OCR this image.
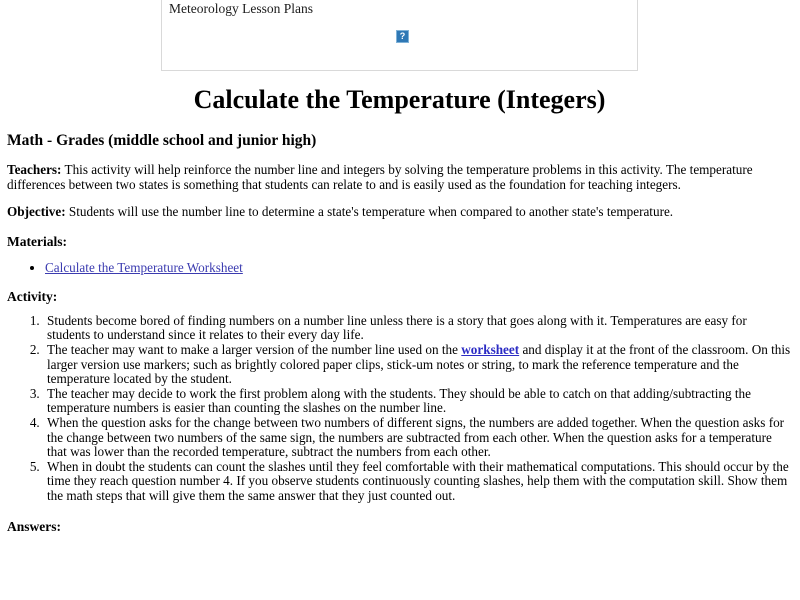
Meteorology Lesson Plans
?
Calculate the Temperature (Integers)
Math - Grades (middle school and junior high)

Teachers: This activity will help reinforce the number line and integers by solving the temperature problems in this activity. The temperature differences between two states is something that students can relate to and is easily used as the foundation for teaching integers.

Objective: Students will use the number line to determine a state's temperature when compared to another state's temperature.

Materials:
• Calculate the Temperature Worksheet
Activity:
1. Students become bored of finding numbers on a number line unless there is a story that goes along with it. Temperatures are easy for students to understand since it relates to their every day life.
2. The teacher may want to make a larger version of the number line used on the worksheet and display it at the front of the classroom. On this larger version use markers; such as brightly colored paper clips, stick-um notes or string, to mark the reference temperature and the temperature located by the student.
3. The teacher may decide to work the first problem along with the students. They should be able to catch on that adding/subtracting the temperature numbers is easier than counting the slashes on the number line.
4. When the question asks for the change between two numbers of different signs, the numbers are added together. When the question asks for the change between two numbers of the same sign, the numbers are subtracted from each other. When the question asks for a temperature that was lower than the recorded temperature, subtract the numbers from each other.
5. When in doubt the students can count the slashes until they feel comfortable with their mathematical computations. This should occur by the time they reach question number 4. If you observe students continuously counting slashes, help them with the computation skill. Show them the math steps that will give them the same answer that they just counted out.
Answers:
